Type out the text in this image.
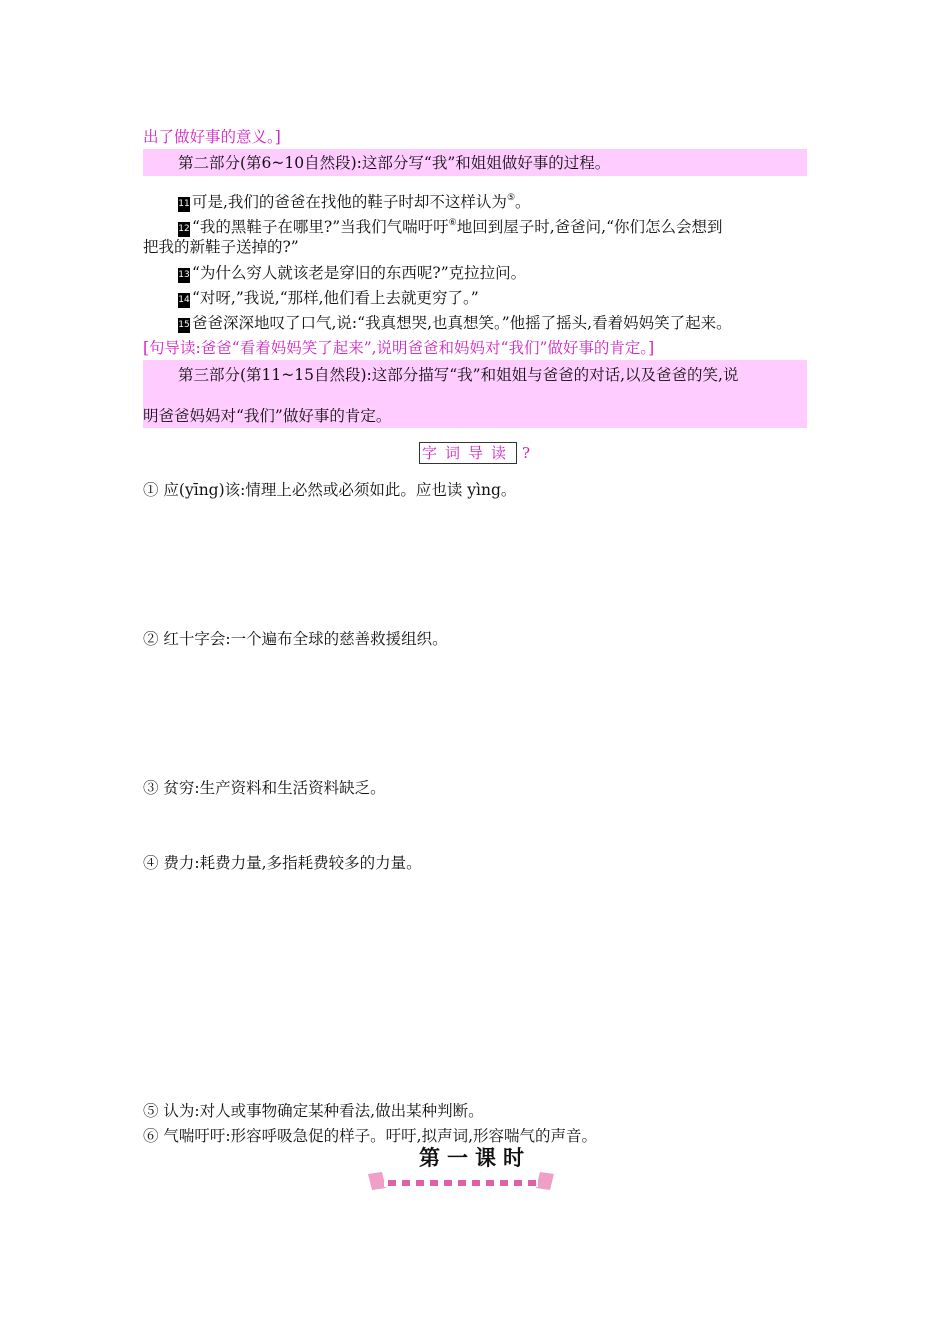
出了做好事的意义。]
第二部分(第6~10自然段):这部分写“我”和姐姐做好事的过程。
11 可是,我们的爸爸在找他的鞋子时却不这样认为⑤。
12 “我的黑鞋子在哪里?”当我们气喘吁吁⑥地回到屋子时,爸爸问,“你们怎么会想到
把我的新鞋子送掉的?”
13 “为什么穷人就该老是穿旧的东西呢?”克拉拉问。
14 “对呀,”我说,“那样,他们看上去就更穷了。”
15 爸爸深深地叹了口气,说:“我真想哭,也真想笑。”他摇了摇头,看着妈妈笑了起来。
[句导读:爸爸“看着妈妈笑了起来”,说明爸爸和妈妈对“我们”做好事的肯定。]
第三部分(第11~15自然段):这部分描写“我”和姐姐与爸爸的对话,以及爸爸的笑,说
明爸爸妈妈对“我们”做好事的肯定。
字词导读 ?
① 应(yīng)该:情理上必然或必须如此。应也读 yìng。
② 红十字会:一个遍布全球的慈善救援组织。
③ 贫穷:生产资料和生活资料缺乏。
④ 费力:耗费力量,多指耗费较多的力量。
⑤ 认为:对人或事物确定某种看法,做出某种判断。
⑥ 气喘吁吁:形容呼吸急促的样子。吁吁,拟声词,形容喘气的声音。
第一课时
